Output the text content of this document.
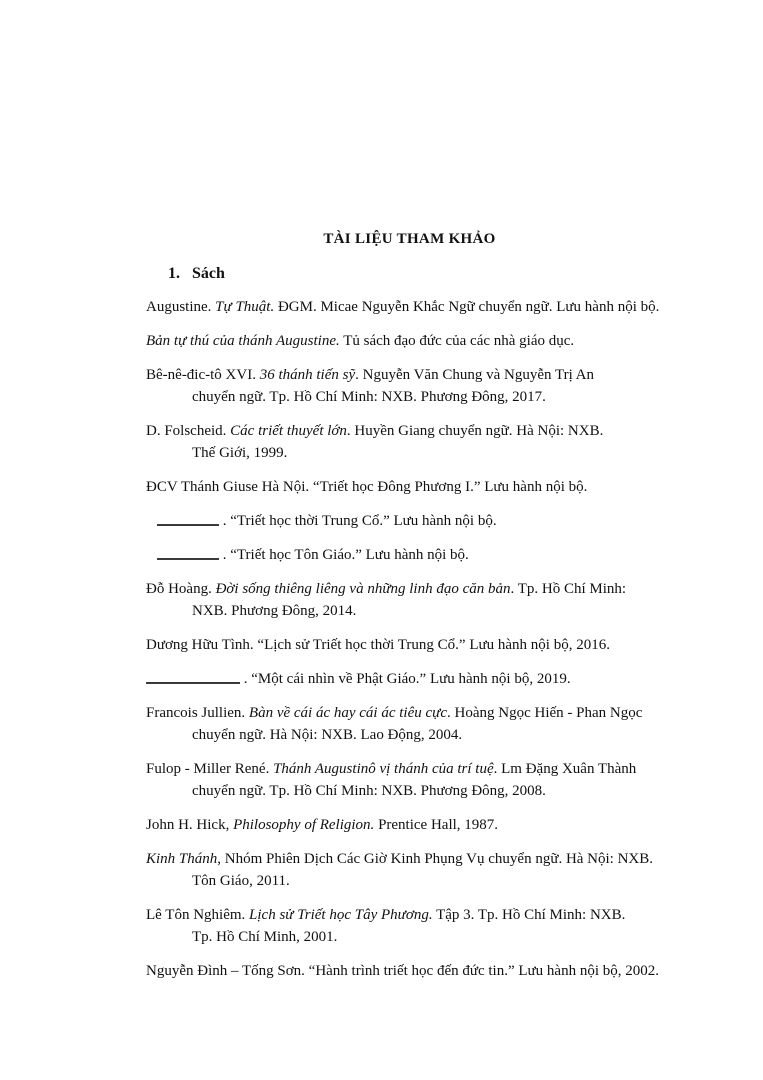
TÀI LIỆU THAM KHẢO
1. Sách

Augustine. Tự Thuật. ĐGM. Micae Nguyễn Khắc Ngữ chuyển ngữ. Lưu hành nội bộ.

Bản tự thú của thánh Augustine. Tủ sách đạo đức của các nhà giáo dục.

Bê-nê-đic-tô XVI. 36 thánh tiến sỹ. Nguyễn Văn Chung và Nguyễn Trị An
chuyển ngữ. Tp. Hồ Chí Minh: NXB. Phương Đông, 2017.

D. Folscheid. Các triết thuyết lớn. Huyền Giang chuyển ngữ. Hà Nội: NXB.
Thế Giới, 1999.

ĐCV Thánh Giuse Hà Nội. “Triết học Đông Phương I.” Lưu hành nội bộ.

. “Triết học thời Trung Cổ.” Lưu hành nội bộ.

. “Triết học Tôn Giáo.” Lưu hành nội bộ.

Đỗ Hoàng. Đời sống thiêng liêng và những linh đạo căn bản. Tp. Hồ Chí Minh:
NXB. Phương Đông, 2014.

Dương Hữu Tình. “Lịch sử Triết học thời Trung Cổ.” Lưu hành nội bộ, 2016.

. “Một cái nhìn về Phật Giáo.” Lưu hành nội bộ, 2019.

Francois Jullien. Bàn về cái ác hay cái ác tiêu cực. Hoàng Ngọc Hiến - Phan Ngọc
chuyển ngữ. Hà Nội: NXB. Lao Động, 2004.

Fulop - Miller René. Thánh Augustinô vị thánh của trí tuệ. Lm Đặng Xuân Thành
chuyển ngữ. Tp. Hồ Chí Minh: NXB. Phương Đông, 2008.

John H. Hick, Philosophy of Religion. Prentice Hall, 1987.

Kinh Thánh, Nhóm Phiên Dịch Các Giờ Kinh Phụng Vụ chuyển ngữ. Hà Nội: NXB.
Tôn Giáo, 2011.

Lê Tôn Nghiêm. Lịch sử Triết học Tây Phương. Tập 3. Tp. Hồ Chí Minh: NXB.
Tp. Hồ Chí Minh, 2001.

Nguyễn Đình – Tống Sơn. “Hành trình triết học đến đức tin.” Lưu hành nội bộ, 2002.
